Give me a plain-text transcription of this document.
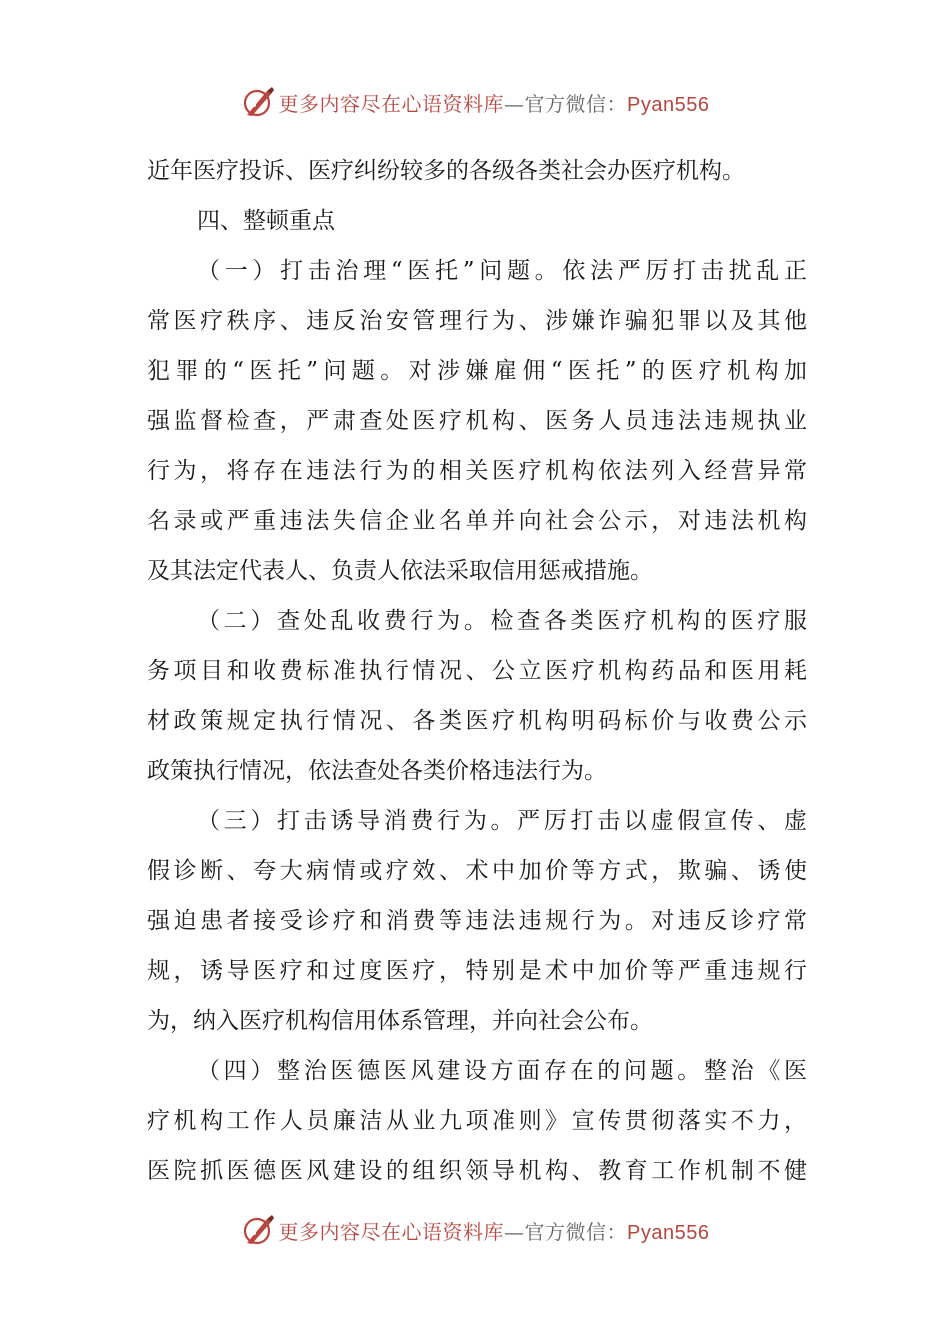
更多内容尽在心语资料库—官方微信：Pyan556
近年医疗投诉、医疗纠纷较多的各级各类社会办医疗机构。
四、整顿重点
（一）打击治理“医托”问题。依法严厉打击扰乱正
常医疗秩序、违反治安管理行为、涉嫌诈骗犯罪以及其他
犯罪的“医托”问题。对涉嫌雇佣“医托”的医疗机构加
强监督检查，严肃查处医疗机构、医务人员违法违规执业
行为，将存在违法行为的相关医疗机构依法列入经营异常
名录或严重违法失信企业名单并向社会公示，对违法机构
及其法定代表人、负责人依法采取信用惩戒措施。
（二）查处乱收费行为。检查各类医疗机构的医疗服
务项目和收费标准执行情况、公立医疗机构药品和医用耗
材政策规定执行情况、各类医疗机构明码标价与收费公示
政策执行情况，依法查处各类价格违法行为。
（三）打击诱导消费行为。严厉打击以虚假宣传、虚
假诊断、夸大病情或疗效、术中加价等方式，欺骗、诱使
强迫患者接受诊疗和消费等违法违规行为。对违反诊疗常
规，诱导医疗和过度医疗，特别是术中加价等严重违规行
为，纳入医疗机构信用体系管理，并向社会公布。
（四）整治医德医风建设方面存在的问题。整治《医
疗机构工作人员廉洁从业九项准则》宣传贯彻落实不力，
医院抓医德医风建设的组织领导机构、教育工作机制不健
更多内容尽在心语资料库—官方微信：Pyan556
